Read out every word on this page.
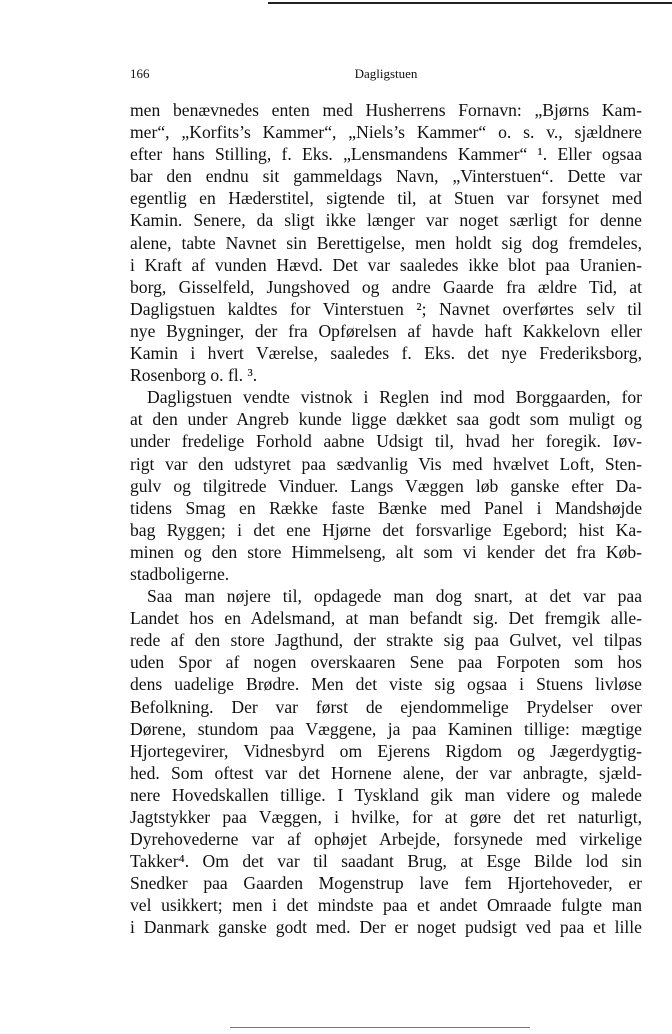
166	Dagligstuen
men benævnedes enten med Husherrens Fornavn: „Bjørns Kam-
mer“, „Korfits’s Kammer“, „Niels’s Kammer“ o. s. v., sjældnere
efter hans Stilling, f. Eks. „Lensmandens Kammer“ ¹. Eller ogsaa
bar den endnu sit gammeldags Navn, „Vinterstuen“. Dette var
egentlig en Hæderstitel, sigtende til, at Stuen var forsynet med
Kamin. Senere, da sligt ikke længer var noget særligt for denne
alene, tabte Navnet sin Berettigelse, men holdt sig dog fremdeles,
i Kraft af vunden Hævd. Det var saaledes ikke blot paa Uranien-
borg, Gisselfeld, Jungshoved og andre Gaarde fra ældre Tid, at
Dagligstuen kaldtes for Vinterstuen ²; Navnet overførtes selv til
nye Bygninger, der fra Opførelsen af havde haft Kakkelovn eller
Kamin i hvert Værelse, saaledes f. Eks. det nye Frederiksborg,
Rosenborg o. fl. ³.
Dagligstuen vendte vistnok i Reglen ind mod Borggaarden, for
at den under Angreb kunde ligge dækket saa godt som muligt og
under fredelige Forhold aabne Udsigt til, hvad her foregik. Iøv-
rigt var den udstyret paa sædvanlig Vis med hvælvet Loft, Sten-
gulv og tilgitrede Vinduer. Langs Væggen løb ganske efter Da-
tidens Smag en Række faste Bænke med Panel i Mandshøjde
bag Ryggen; i det ene Hjørne det forsvarlige Egebord; hist Ka-
minen og den store Himmelseng, alt som vi kender det fra Køb-
stadboligerne.
Saa man nøjere til, opdagede man dog snart, at det var paa
Landet hos en Adelsmand, at man befandt sig. Det fremgik alle-
rede af den store Jagthund, der strakte sig paa Gulvet, vel tilpas
uden Spor af nogen overskaaren Sene paa Forpoten som hos
dens uadelige Brødre. Men det viste sig ogsaa i Stuens livløse
Befolkning. Der var først de ejendommelige Prydelser over
Dørene, stundom paa Væggene, ja paa Kaminen tillige: mægtige
Hjortegevirer, Vidnesbyrd om Ejerens Rigdom og Jægerdygtig-
hed. Som oftest var det Hornene alene, der var anbragte, sjæld-
nere Hovedskallen tillige. I Tyskland gik man videre og malede
Jagtstykker paa Væggen, i hvilke, for at gøre det ret naturligt,
Dyrehovederne var af ophøjet Arbejde, forsynede med virkelige
Takker⁴. Om det var til saadant Brug, at Esge Bilde lod sin
Snedker paa Gaarden Mogenstrup lave fem Hjortehoveder, er
vel usikkert; men i det mindste paa et andet Omraade fulgte man
i Danmark ganske godt med. Der er noget pudsigt ved paa et lille
